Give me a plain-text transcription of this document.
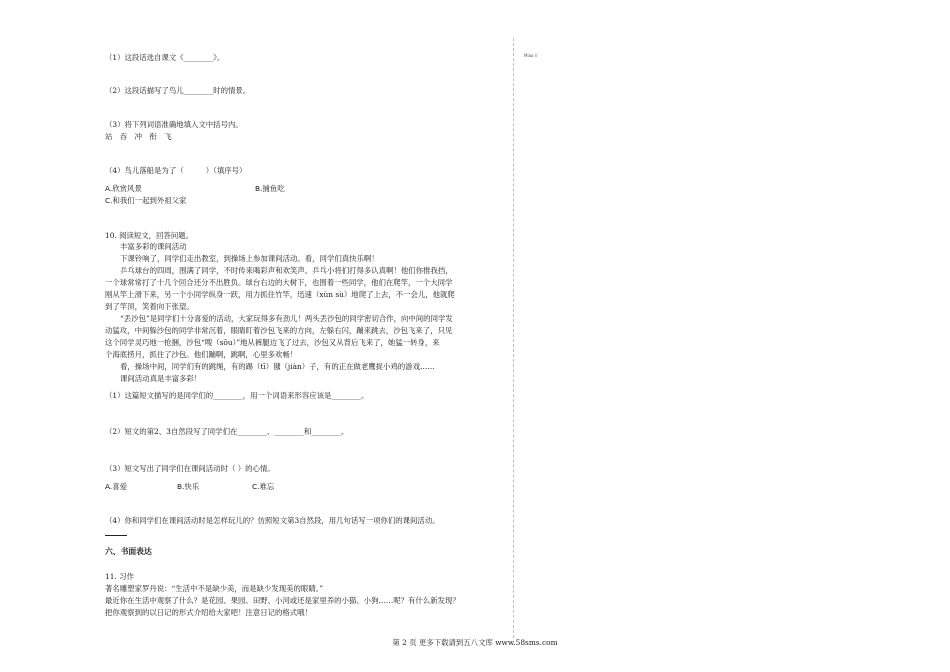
（1）这段话选自课文《________》。
（2）这段话描写了鸟儿________时的情景。
（3）将下列词语准确地填入文中括号内。
站　吞　冲　衔　飞
（4）鸟儿落船是为了（　　　）（填序号）
A.欣赏风景	B.捕鱼吃
C.和我们一起到外祖父家
10. 阅读短文，回答问题。
丰富多彩的课间活动
下课铃响了，同学们走出教室，到操场上参加课间活动。看，同学们真快乐啊！
乒乓球台的四周，围满了同学，不时传来喝彩声和欢笑声。乒乓小将们打得多认真啊！他们你推我挡，
一个球常常打了十几个回合还分不出胜负。球台右边的大树下，也围着一些同学，他们在爬竿，一个大同学
刚从竿上滑下来，另一个小同学纵身一跃，用力抓住竹竿，迅速（xùn sù）地爬了上去，不一会儿，他就爬
到了竿顶，笑着向下张望。
“丢沙包”是同学们十分喜爱的活动，大家玩得多有劲儿！两头丢沙包的同学密切合作，向中间的同学发
动猛攻，中间躲沙包的同学非常沉着，眼睛盯着沙包飞来的方向，左躲右闪，蹦来跳去，沙包飞来了，只见
这个同学灵巧地一抢捆，沙包“嗖（sōu）”地从裤腿边飞了过去，沙包又从背后飞来了，她猛一转身，来
个海底捞月，抓住了沙包。他们蹦啊，跳啊，心里多欢畅！
看，操场中间，同学们有的跳绳，有的踢（tī）毽（jiàn）子，有的正在做老鹰捉小鸡的游戏……
课间活动真是丰富多彩！
（1）这篇短文描写的是同学们的________，用一个词语来形容应该是________。
（2）短文的第2、3自然段写了同学们在________、________和________。
（3）短文写出了同学们在课间活动时（ ）的心情。
A.喜爱	B.快乐	C.难忘
（4）你和同学们在课间活动时是怎样玩儿的？仿照短文第3自然段，用几句话写一项你们的课间活动。
六、书面表达
11. 习作
著名雕塑家罗丹说：“生活中不是缺少美，而是缺少发现美的眼睛。”
最近你在生活中观察了什么？是花园、果园、田野、小河或还是家里养的小猫、小狗……呢？有什么新发现？
把你观察到的以日记的形式介绍给大家吧！注意日记的格式哦！
Miao //
第 2 页 更多下载请到五八文库 www.58sms.com
